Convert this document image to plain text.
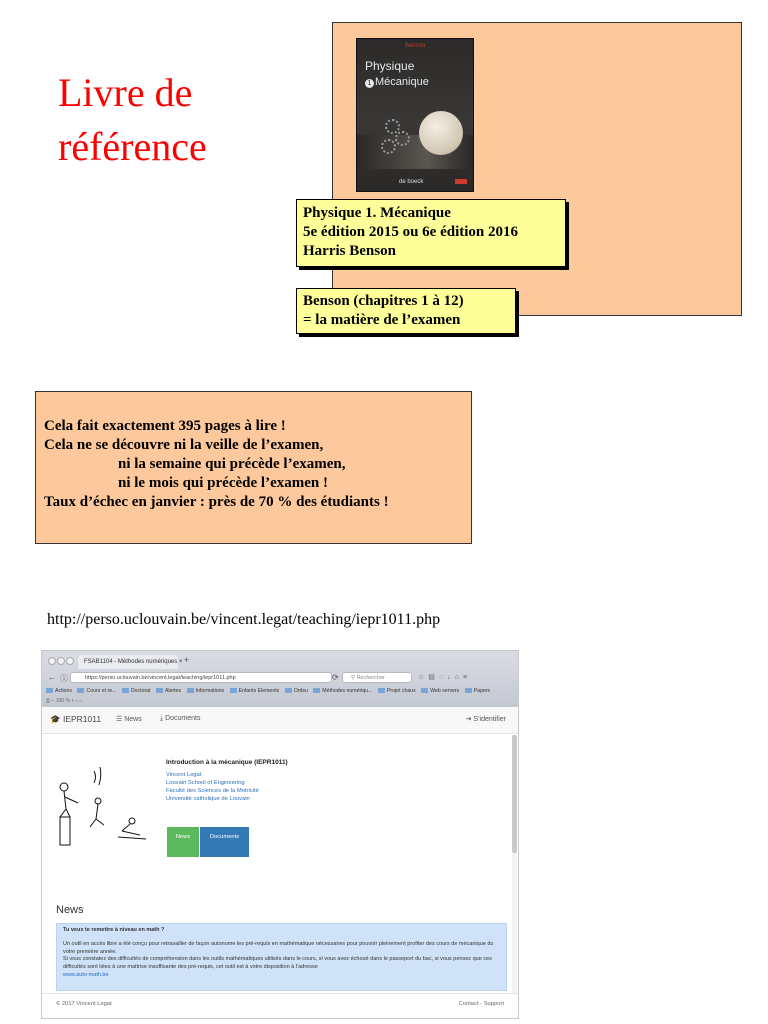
Livre de
référence
Benson
Physique
1 Mécanique
de boeck
Physique 1. Mécanique
5e édition 2015 ou 6e édition 2016
Harris Benson
Benson (chapitres 1 à 12)
= la matière de l’examen
Cela fait exactement 395 pages à lire !
Cela ne se découvre ni la veille de l’examen,
ni la semaine qui précède l’examen,
ni le mois qui précède l’examen !
Taux d’échec en janvier : près de 70 % des étudiants !
http://perso.uclouvain.be/vincent.legat/teaching/iepr1011.php
FSAB1104 - Méthodes numériques × +
← ⓘ	https://perso.uclouvain.be/vincent.legat/teaching/iepr1011.php	⟳	⚲ Rechercher	☆▤◌↓⌂≡
Actions	Cours et re...	Doctorat	Alertes	Informations	Enfants Elements	Ordsu	Méthodes numériqu...	Projet chaux	Web servers	Papers
⎙ − 100 % + ↓ ⌂
🎓 IEPR1011 ☰ News	⤓ Documents	⇥ S’identifier
Introduction à la mécanique (IEPR1011)
Vincent Legat
Louvain School of Engineering
Faculté des Sciences de la Motricité
Université catholique de Louvain
News	Documents
News
Tu veux te remettre à niveau en math ?
Un outil en accès libre a été conçu pour retravailler de façon autonome les pré-requis en mathématique nécessaires pour pouvoir pleinement profiter des cours de mécanique du votre première année.
Si vous constatez des difficultés de compréhension dans les outils mathématiques utilisés dans le cours, si vous avez échoué dans le passeport du bac, si vous pensez que ces difficultés sont liées à une maîtrise insuffisante des pré-requis, cet outil est à votre disposition à l’adresse
www.auto-math.be
© 2017 Vincent Legat	Contact - Support
